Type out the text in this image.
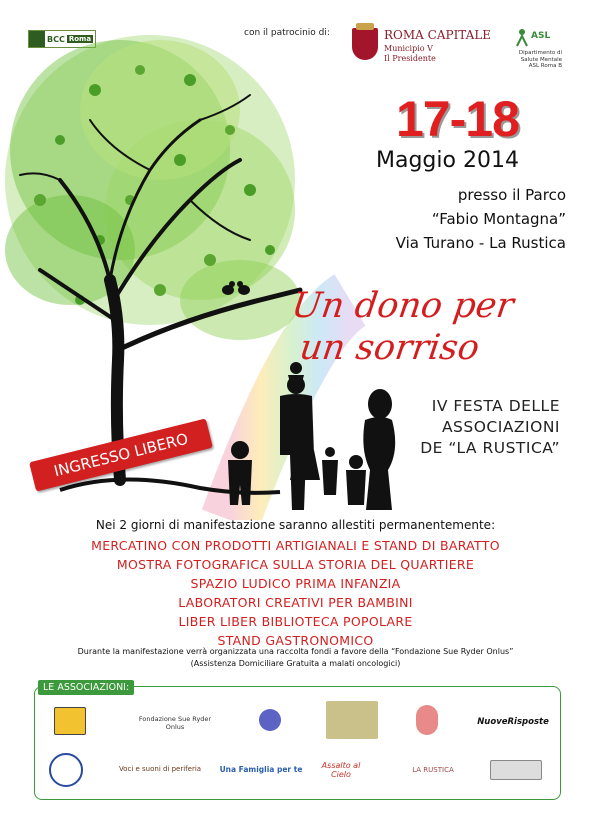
BCC Roma
con il patrocinio di:	ROMA CAPITALE
Municipio V
Il Presidente
ASL
Dipartimento di
Salute Mentale
ASL Roma B
17-18
Maggio 2014
presso il Parco
“Fabio Montagna”
Via Turano - La Rustica
Un dono per
un sorriso
IV FESTA DELLE
ASSOCIAZIONI
DE “LA RUSTICA”
INGRESSO LIBERO
Nei 2 giorni di manifestazione saranno allestiti permanentemente:
MERCATINO CON PRODOTTI ARTIGIANALI E STAND DI BARATTO
MOSTRA FOTOGRAFICA SULLA STORIA DEL QUARTIERE
SPAZIO LUDICO PRIMA INFANZIA
LABORATORI CREATIVI PER BAMBINI
LIBER LIBER BIBLIOTECA POPOLARE
STAND GASTRONOMICO
Durante la manifestazione verrà organizzata una raccolta fondi a favore della “Fondazione Sue Ryder Onlus”
(Assistenza Domiciliare Gratuita a malati oncologici)
LE ASSOCIAZIONI:
Fondazione Sue Ryder Onlus	NuoveRisposte
Voci e suoni di periferia Una Famiglia per te	Assalto al Cielo	LA RUSTICA
